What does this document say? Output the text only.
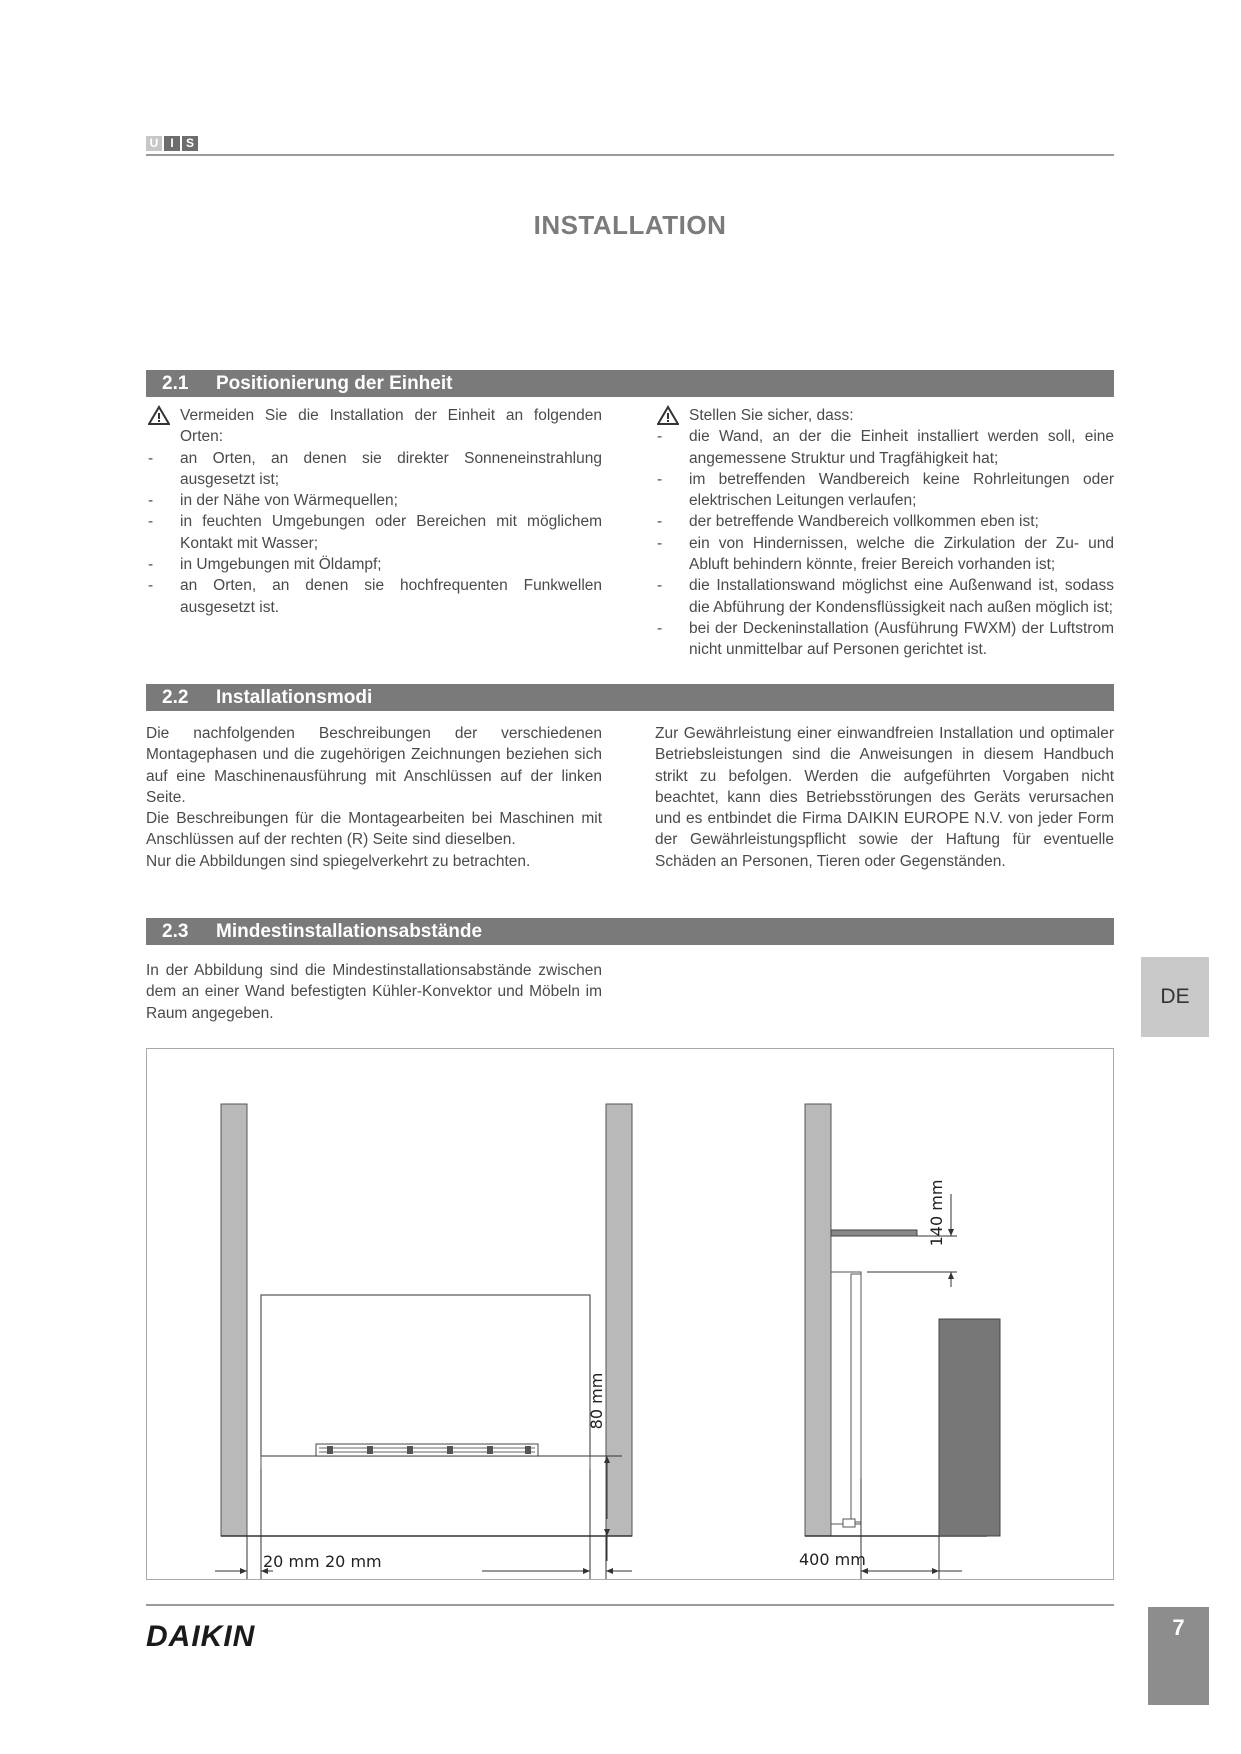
U	I	S
INSTALLATION
2.1 Positionierung der Einheit

Vermeiden Sie die Installation der Einheit an folgenden Orten:

- an Orten, an denen sie direkter Sonneneinstrahlung ausgesetzt ist;

- in der Nähe von Wärmequellen;

- in feuchten Umgebungen oder Bereichen mit möglichem Kontakt mit Wasser;

- in Umgebungen mit Öldampf;

- an Orten, an denen sie hochfrequenten Funkwellen ausgesetzt ist.

Stellen Sie sicher, dass:

- die Wand, an der die Einheit installiert werden soll, eine angemessene Struktur und Tragfähigkeit hat;

- im betreffenden Wandbereich keine Rohrleitungen oder elektrischen Leitungen verlaufen;

- der betreffende Wandbereich vollkommen eben ist;

- ein von Hindernissen, welche die Zirkulation der Zu- und Abluft behindern könnte, freier Bereich vorhanden ist;

- die Installationswand möglichst eine Außenwand ist, sodass die Abführung der Kondensflüssigkeit nach außen möglich ist;

- bei der Deckeninstallation (Ausführung FWXM) der Luftstrom nicht unmittelbar auf Personen gerichtet ist.

2.2 Installationsmodi

Die nachfolgenden Beschreibungen der verschiedenen Montagephasen und die zugehörigen Zeichnungen beziehen sich auf eine Maschinenausführung mit Anschlüssen auf der linken Seite.

Die Beschreibungen für die Montagearbeiten bei Maschinen mit Anschlüssen auf der rechten (R) Seite sind dieselben.

Nur die Abbildungen sind spiegelverkehrt zu betrachten.

Zur Gewährleistung einer einwandfreien Installation und optimaler Betriebsleistungen sind die Anweisungen in diesem Handbuch strikt zu befolgen. Werden die aufgeführten Vorgaben nicht beachtet, kann dies Betriebsstörungen des Geräts verursachen und es entbindet die Firma DAIKIN EUROPE N.V. von jeder Form der Gewährleistungspflicht sowie der Haftung für eventuelle Schäden an Personen, Tieren oder Gegenständen.

2.3 Mindestinstallationsabstände

In der Abbildung sind die Mindestinstallationsabstände zwischen dem an einer Wand befestigten Kühler-Konvektor und Möbeln im Raum angegeben.

DE
80 mm
20 mm 20 mm
140 mm
400 mm
DAIKIN	7
